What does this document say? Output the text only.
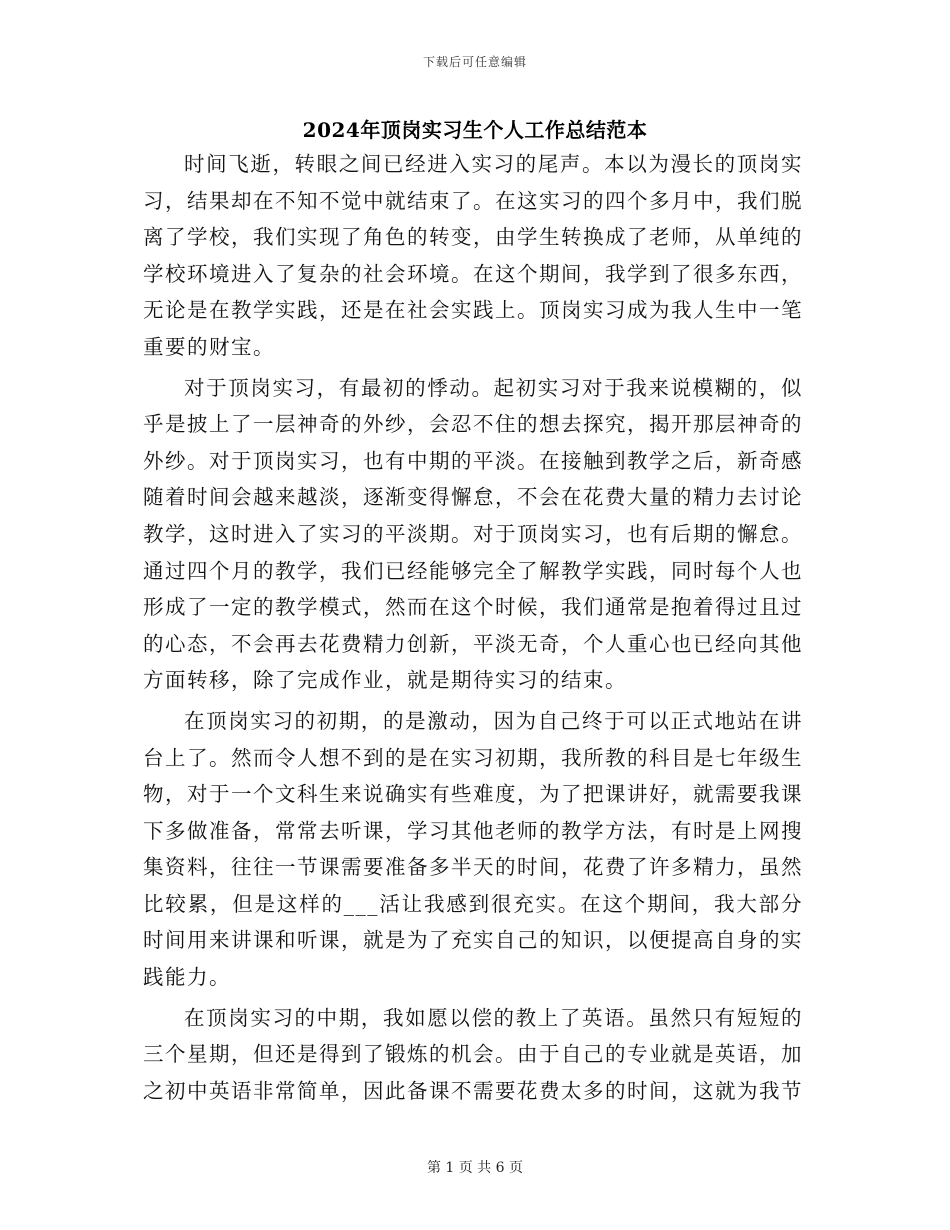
下载后可任意编辑
2024年顶岗实习生个人工作总结范本

时间飞逝，转眼之间已经进入实习的尾声。本以为漫长的顶岗实习，结果却在不知不觉中就结束了。在这实习的四个多月中，我们脱离了学校，我们实现了角色的转变，由学生转换成了老师，从单纯的学校环境进入了复杂的社会环境。在这个期间，我学到了很多东西，无论是在教学实践，还是在社会实践上。顶岗实习成为我人生中一笔重要的财宝。

对于顶岗实习，有最初的悸动。起初实习对于我来说模糊的，似乎是披上了一层神奇的外纱，会忍不住的想去探究，揭开那层神奇的外纱。对于顶岗实习，也有中期的平淡。在接触到教学之后，新奇感随着时间会越来越淡，逐渐变得懈怠，不会在花费大量的精力去讨论教学，这时进入了实习的平淡期。对于顶岗实习，也有后期的懈怠。通过四个月的教学，我们已经能够完全了解教学实践，同时每个人也形成了一定的教学模式，然而在这个时候，我们通常是抱着得过且过的心态，不会再去花费精力创新，平淡无奇，个人重心也已经向其他方面转移，除了完成作业，就是期待实习的结束。

在顶岗实习的初期，的是激动，因为自己终于可以正式地站在讲台上了。然而令人想不到的是在实习初期，我所教的科目是七年级生物，对于一个文科生来说确实有些难度，为了把课讲好，就需要我课下多做准备，常常去听课，学习其他老师的教学方法，有时是上网搜集资料，往往一节课需要准备多半天的时间，花费了许多精力，虽然比较累，但是这样的___活让我感到很充实。在这个期间，我大部分时间用来讲课和听课，就是为了充实自己的知识，以便提高自身的实践能力。

在顶岗实习的中期，我如愿以偿的教上了英语。虽然只有短短的三个星期，但还是得到了锻炼的机会。由于自己的专业就是英语，加之初中英语非常简单，因此备课不需要花费太多的时间，这就为我节

第 1 页 共 6 页
